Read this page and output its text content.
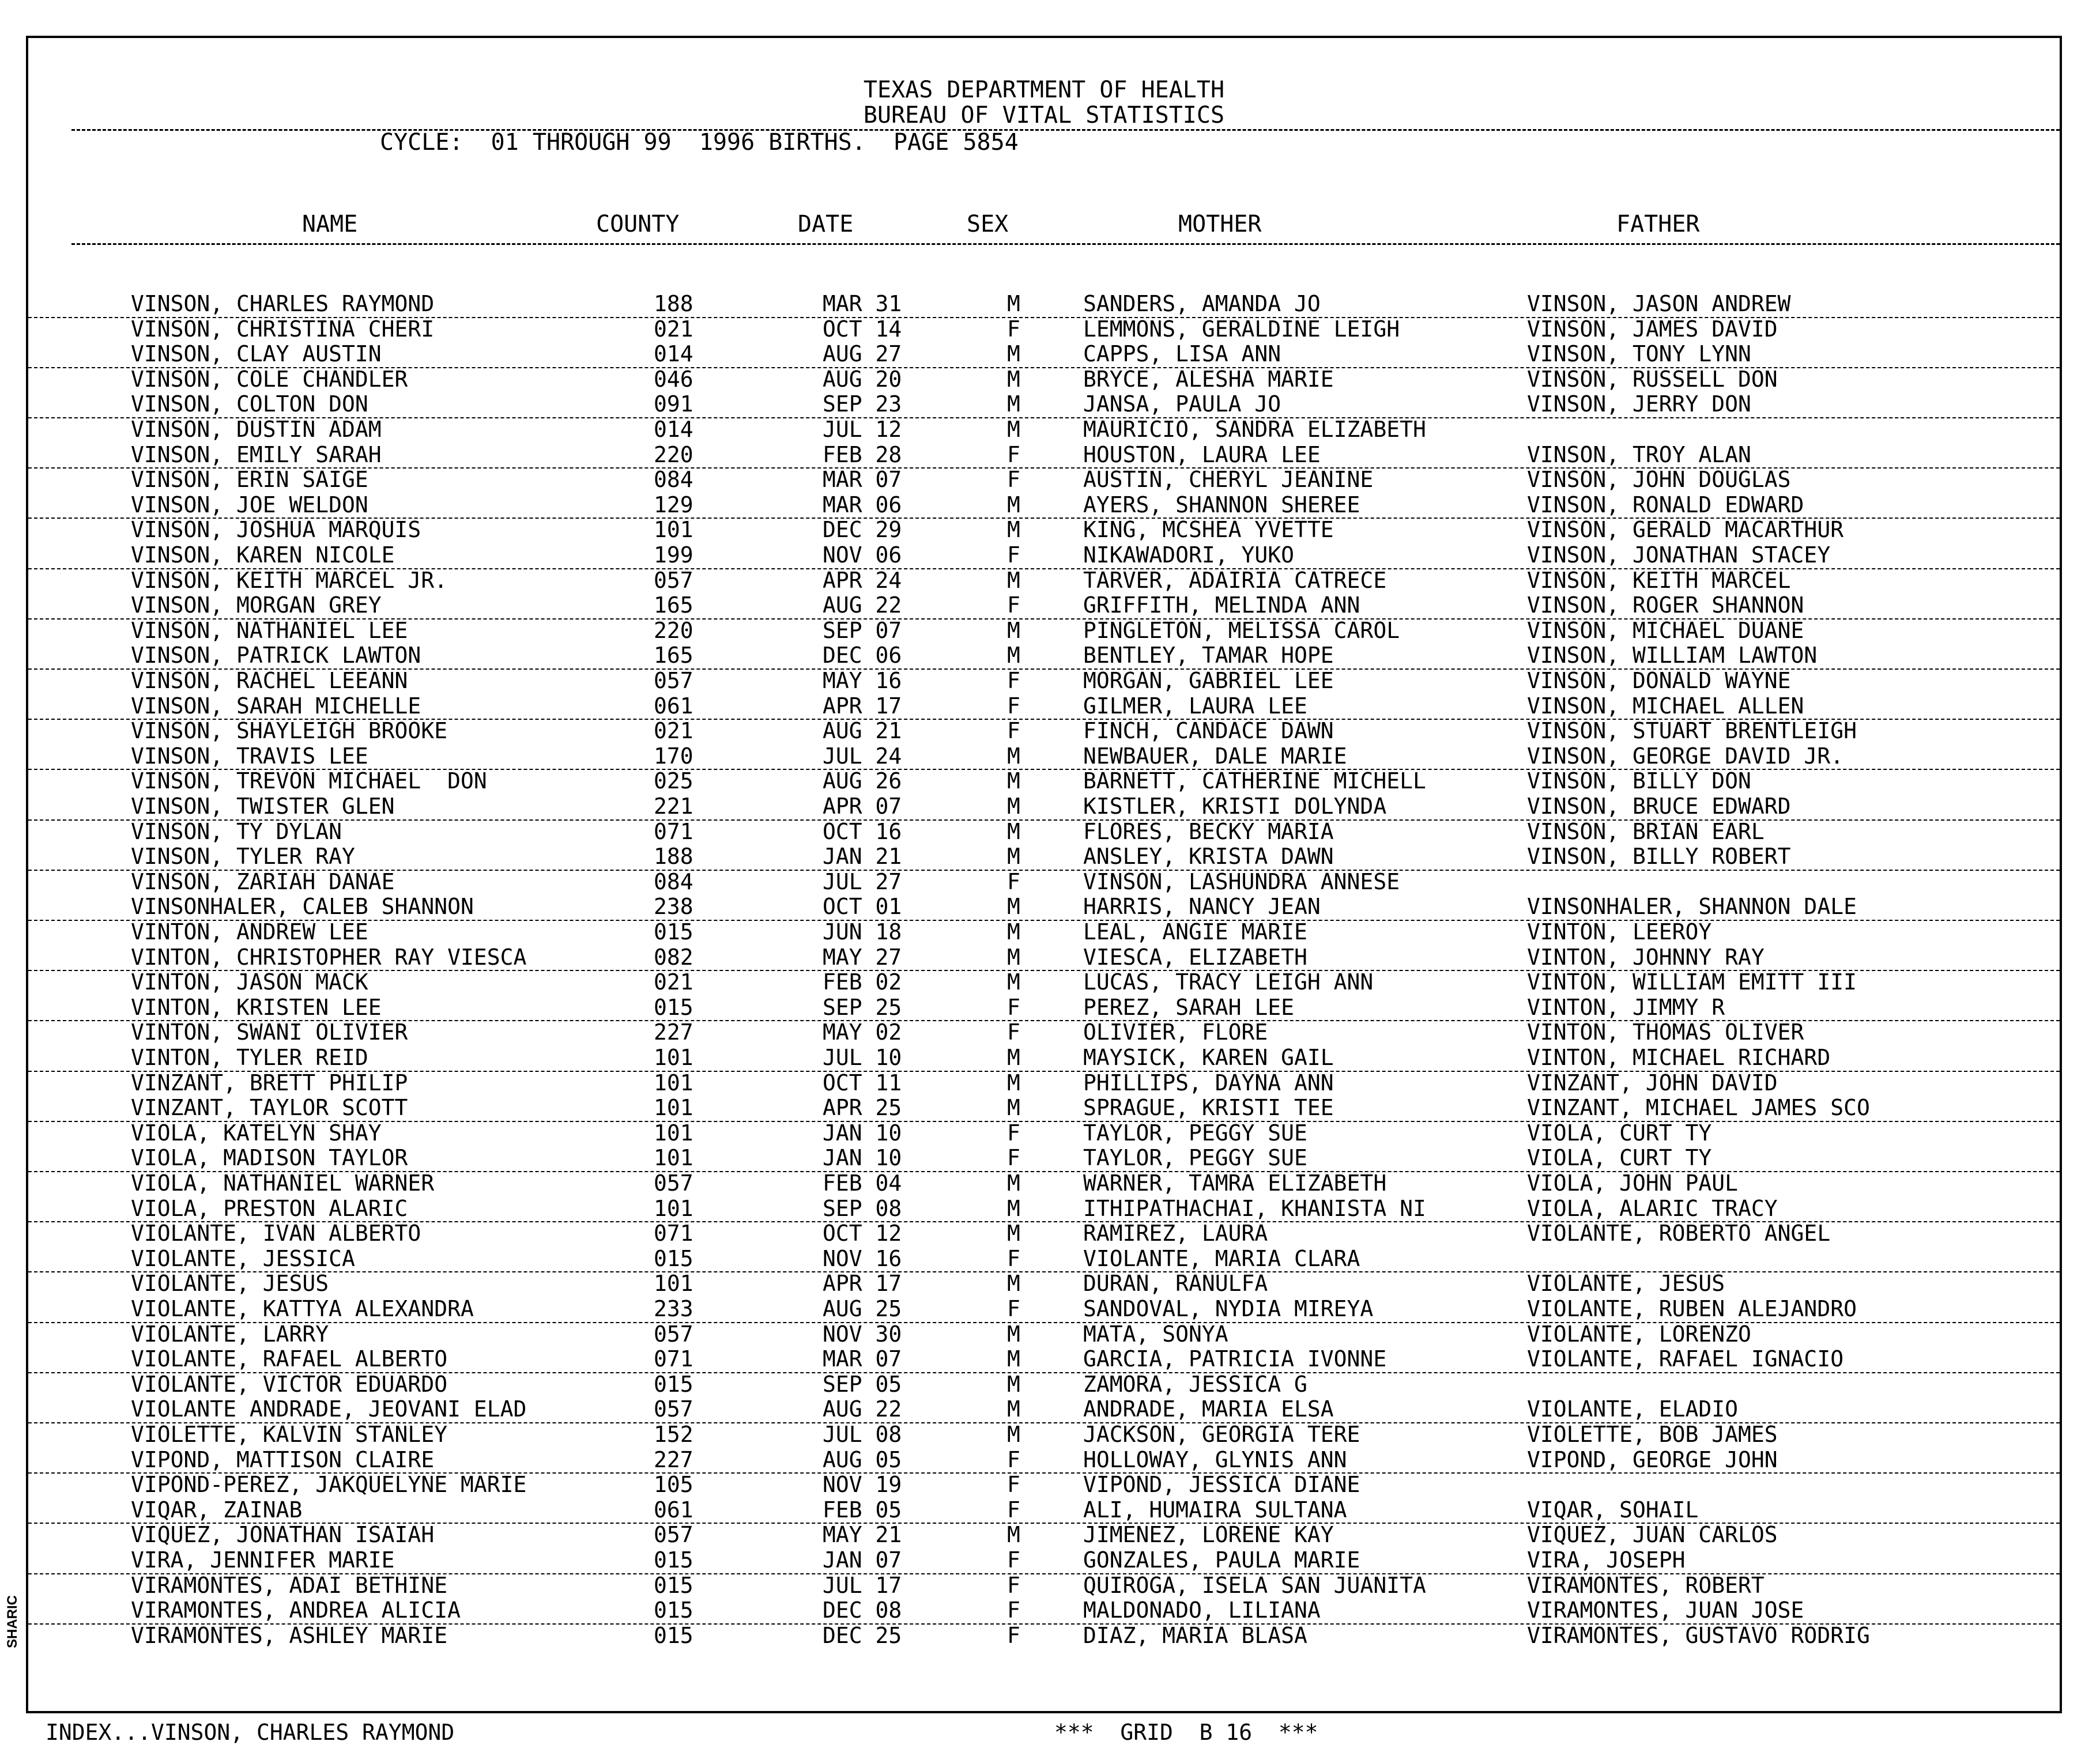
SHARIC
TEXAS DEPARTMENT OF HEALTH
BUREAU OF VITAL STATISTICS
CYCLE:  01 THROUGH 99  1996 BIRTHS.  PAGE 5854
NAME	COUNTY	DATE	SEX	MOTHER	FATHER
VINSON, CHARLES RAYMOND	188	MAR 31	M	SANDERS, AMANDA JO	VINSON, JASON ANDREW
VINSON, CHRISTINA CHERI	021	OCT 14	F	LEMMONS, GERALDINE LEIGH	VINSON, JAMES DAVID
VINSON, CLAY AUSTIN	014	AUG 27	M	CAPPS, LISA ANN	VINSON, TONY LYNN
VINSON, COLE CHANDLER	046	AUG 20	M	BRYCE, ALESHA MARIE	VINSON, RUSSELL DON
VINSON, COLTON DON	091	SEP 23	M	JANSA, PAULA JO	VINSON, JERRY DON
VINSON, DUSTIN ADAM	014	JUL 12	M	MAURICIO, SANDRA ELIZABETH
VINSON, EMILY SARAH	220	FEB 28	F	HOUSTON, LAURA LEE	VINSON, TROY ALAN
VINSON, ERIN SAIGE	084	MAR 07	F	AUSTIN, CHERYL JEANINE	VINSON, JOHN DOUGLAS
VINSON, JOE WELDON	129	MAR 06	M	AYERS, SHANNON SHEREE	VINSON, RONALD EDWARD
VINSON, JOSHUA MARQUIS	101	DEC 29	M	KING, MCSHEA YVETTE	VINSON, GERALD MACARTHUR
VINSON, KAREN NICOLE	199	NOV 06	F	NIKAWADORI, YUKO	VINSON, JONATHAN STACEY
VINSON, KEITH MARCEL JR.	057	APR 24	M	TARVER, ADAIRIA CATRECE	VINSON, KEITH MARCEL
VINSON, MORGAN GREY	165	AUG 22	F	GRIFFITH, MELINDA ANN	VINSON, ROGER SHANNON
VINSON, NATHANIEL LEE	220	SEP 07	M	PINGLETON, MELISSA CAROL	VINSON, MICHAEL DUANE
VINSON, PATRICK LAWTON	165	DEC 06	M	BENTLEY, TAMAR HOPE	VINSON, WILLIAM LAWTON
VINSON, RACHEL LEEANN	057	MAY 16	F	MORGAN, GABRIEL LEE	VINSON, DONALD WAYNE
VINSON, SARAH MICHELLE	061	APR 17	F	GILMER, LAURA LEE	VINSON, MICHAEL ALLEN
VINSON, SHAYLEIGH BROOKE	021	AUG 21	F	FINCH, CANDACE DAWN	VINSON, STUART BRENTLEIGH
VINSON, TRAVIS LEE	170	JUL 24	M	NEWBAUER, DALE MARIE	VINSON, GEORGE DAVID JR.
VINSON, TREVON MICHAEL  DON	025	AUG 26	M	BARNETT, CATHERINE MICHELL	VINSON, BILLY DON
VINSON, TWISTER GLEN	221	APR 07	M	KISTLER, KRISTI DOLYNDA	VINSON, BRUCE EDWARD
VINSON, TY DYLAN	071	OCT 16	M	FLORES, BECKY MARIA	VINSON, BRIAN EARL
VINSON, TYLER RAY	188	JAN 21	M	ANSLEY, KRISTA DAWN	VINSON, BILLY ROBERT
VINSON, ZARIAH DANAE	084	JUL 27	F	VINSON, LASHUNDRA ANNESE
VINSONHALER, CALEB SHANNON	238	OCT 01	M	HARRIS, NANCY JEAN	VINSONHALER, SHANNON DALE
VINTON, ANDREW LEE	015	JUN 18	M	LEAL, ANGIE MARIE	VINTON, LEEROY
VINTON, CHRISTOPHER RAY VIESCA	082	MAY 27	M	VIESCA, ELIZABETH	VINTON, JOHNNY RAY
VINTON, JASON MACK	021	FEB 02	M	LUCAS, TRACY LEIGH ANN	VINTON, WILLIAM EMITT III
VINTON, KRISTEN LEE	015	SEP 25	F	PEREZ, SARAH LEE	VINTON, JIMMY R
VINTON, SWANI OLIVIER	227	MAY 02	F	OLIVIER, FLORE	VINTON, THOMAS OLIVER
VINTON, TYLER REID	101	JUL 10	M	MAYSICK, KAREN GAIL	VINTON, MICHAEL RICHARD
VINZANT, BRETT PHILIP	101	OCT 11	M	PHILLIPS, DAYNA ANN	VINZANT, JOHN DAVID
VINZANT, TAYLOR SCOTT	101	APR 25	M	SPRAGUE, KRISTI TEE	VINZANT, MICHAEL JAMES SCO
VIOLA, KATELYN SHAY	101	JAN 10	F	TAYLOR, PEGGY SUE	VIOLA, CURT TY
VIOLA, MADISON TAYLOR	101	JAN 10	F	TAYLOR, PEGGY SUE	VIOLA, CURT TY
VIOLA, NATHANIEL WARNER	057	FEB 04	M	WARNER, TAMRA ELIZABETH	VIOLA, JOHN PAUL
VIOLA, PRESTON ALARIC	101	SEP 08	M	ITHIPATHACHAI, KHANISTA NI	VIOLA, ALARIC TRACY
VIOLANTE, IVAN ALBERTO	071	OCT 12	M	RAMIREZ, LAURA	VIOLANTE, ROBERTO ANGEL
VIOLANTE, JESSICA	015	NOV 16	F	VIOLANTE, MARIA CLARA
VIOLANTE, JESUS	101	APR 17	M	DURAN, RANULFA	VIOLANTE, JESUS
VIOLANTE, KATTYA ALEXANDRA	233	AUG 25	F	SANDOVAL, NYDIA MIREYA	VIOLANTE, RUBEN ALEJANDRO
VIOLANTE, LARRY	057	NOV 30	M	MATA, SONYA	VIOLANTE, LORENZO
VIOLANTE, RAFAEL ALBERTO	071	MAR 07	M	GARCIA, PATRICIA IVONNE	VIOLANTE, RAFAEL IGNACIO
VIOLANTE, VICTOR EDUARDO	015	SEP 05	M	ZAMORA, JESSICA G
VIOLANTE ANDRADE, JEOVANI ELAD	057	AUG 22	M	ANDRADE, MARIA ELSA	VIOLANTE, ELADIO
VIOLETTE, KALVIN STANLEY	152	JUL 08	M	JACKSON, GEORGIA TERE	VIOLETTE, BOB JAMES
VIPOND, MATTISON CLAIRE	227	AUG 05	F	HOLLOWAY, GLYNIS ANN	VIPOND, GEORGE JOHN
VIPOND-PEREZ, JAKQUELYNE MARIE	105	NOV 19	F	VIPOND, JESSICA DIANE
VIQAR, ZAINAB	061	FEB 05	F	ALI, HUMAIRA SULTANA	VIQAR, SOHAIL
VIQUEZ, JONATHAN ISAIAH	057	MAY 21	M	JIMENEZ, LORENE KAY	VIQUEZ, JUAN CARLOS
VIRA, JENNIFER MARIE	015	JAN 07	F	GONZALES, PAULA MARIE	VIRA, JOSEPH
VIRAMONTES, ADAI BETHINE	015	JUL 17	F	QUIROGA, ISELA SAN JUANITA	VIRAMONTES, ROBERT
VIRAMONTES, ANDREA ALICIA	015	DEC 08	F	MALDONADO, LILIANA	VIRAMONTES, JUAN JOSE
VIRAMONTES, ASHLEY MARIE	015	DEC 25	F	DIAZ, MARIA BLASA	VIRAMONTES, GUSTAVO RODRIG
INDEX...VINSON, CHARLES RAYMOND	***  GRID  B 16  ***
